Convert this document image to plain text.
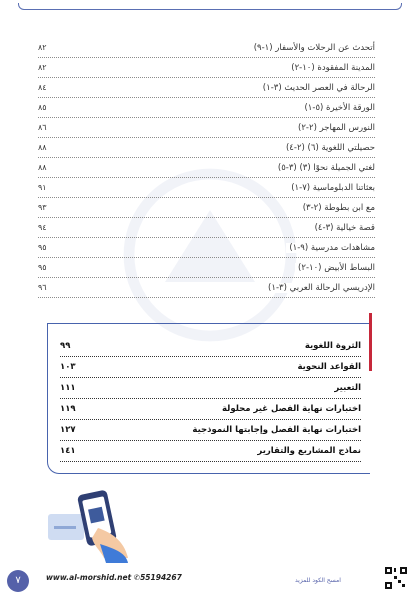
أتحدث عن الرحلات والأسفار (١-٩)
٨٢
المدينة المفقودة (١٠-٢)
٨٢
الرحالة في العصر الحديث (٣-١)
٨٤
الورقة الأخيرة (٥-١)
٨٥
النورس المهاجر (٢-٢)
٨٦
حصيلتي اللغوية (٦) (٢-٤)
٨٨
لغتي الجميلة نحوًا (٣) (٣-٥)
٨٨
بعثاتنا الدبلوماسية (٧-١)
٩١
مع ابن بطوطة (٢-٣)
٩٣
قصة خيالية (٣-٤)
٩٤
مشاهدات مدرسية (٩-١)
٩٥
البساط الأبيض (١٠-٢)
٩٥
الإدريسي الرحالة العربي (٣-١)
٩٦
الثروة اللغوية
٩٩
القواعد النحوية
١٠٣
التعبير
١١١
اختبارات نهاية الفصل غير محلولة
١١٩
اختبارات نهاية الفصل وإجابتها النموذجية
١٢٧
نماذج المشاريع والتقارير
١٤١
٧	www.al-morshid.net ✆55194267	امسح الكود للمزيد
